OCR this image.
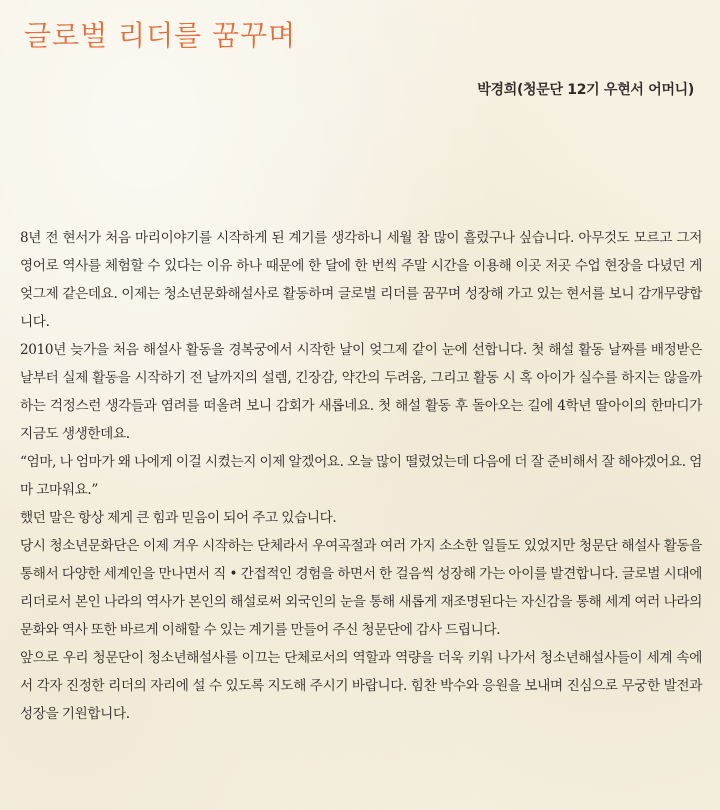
글로벌 리더를 꿈꾸며
박경희(청문단 12기 우현서 어머니)

8년 전 현서가 처음 마리이야기를 시작하게 된 계기를 생각하니 세월 참 많이 흘렀구나 싶습니다. 아무것도 모르고 그저 영어로 역사를 체험할 수 있다는 이유 하나 때문에 한 달에 한 번씩 주말 시간을 이용해 이곳 저곳 수업 현장을 다녔던 게 엊그제 같은데요. 이제는 청소년문화해설사로 활동하며 글로벌 리더를 꿈꾸며 성장해 가고 있는 현서를 보니 감개무량합니다.

2010년 늦가을 처음 해설사 활동을 경복궁에서 시작한 날이 엊그제 같이 눈에 선합니다. 첫 해설 활동 날짜를 배정받은 날부터 실제 활동을 시작하기 전 날까지의 설렘, 긴장감, 약간의 두려움, 그리고 활동 시 혹 아이가 실수를 하지는 않을까 하는 걱정스런 생각들과 염려를 떠올려 보니 감회가 새롭네요. 첫 해설 활동 후 돌아오는 길에 4학년 딸아이의 한마디가 지금도 생생한데요.

“엄마, 나 엄마가 왜 나에게 이걸 시켰는지 이제 알겠어요. 오늘 많이 떨렸었는데 다음에 더 잘 준비해서 잘 해야겠어요. 엄마 고마워요.”

했던 말은 항상 제게 큰 힘과 믿음이 되어 주고 있습니다.

당시 청소년문화단은 이제 겨우 시작하는 단체라서 우여곡절과 여러 가지 소소한 일들도 있었지만 청문단 해설사 활동을 통해서 다양한 세계인을 만나면서 직 • 간접적인 경험을 하면서 한 걸음씩 성장해 가는 아이를 발견합니다. 글로벌 시대에 리더로서 본인 나라의 역사가 본인의 해설로써 외국인의 눈을 통해 새롭게 재조명된다는 자신감을 통해 세계 여러 나라의 문화와 역사 또한 바르게 이해할 수 있는 계기를 만들어 주신 청문단에 감사 드립니다.

앞으로 우리 청문단이 청소년해설사를 이끄는 단체로서의 역할과 역량을 더욱 키워 나가서 청소년해설사들이 세계 속에서 각자 진정한 리더의 자리에 설 수 있도록 지도해 주시기 바랍니다. 힘찬 박수와 응원을 보내며 진심으로 무궁한 발전과 성장을 기원합니다.
